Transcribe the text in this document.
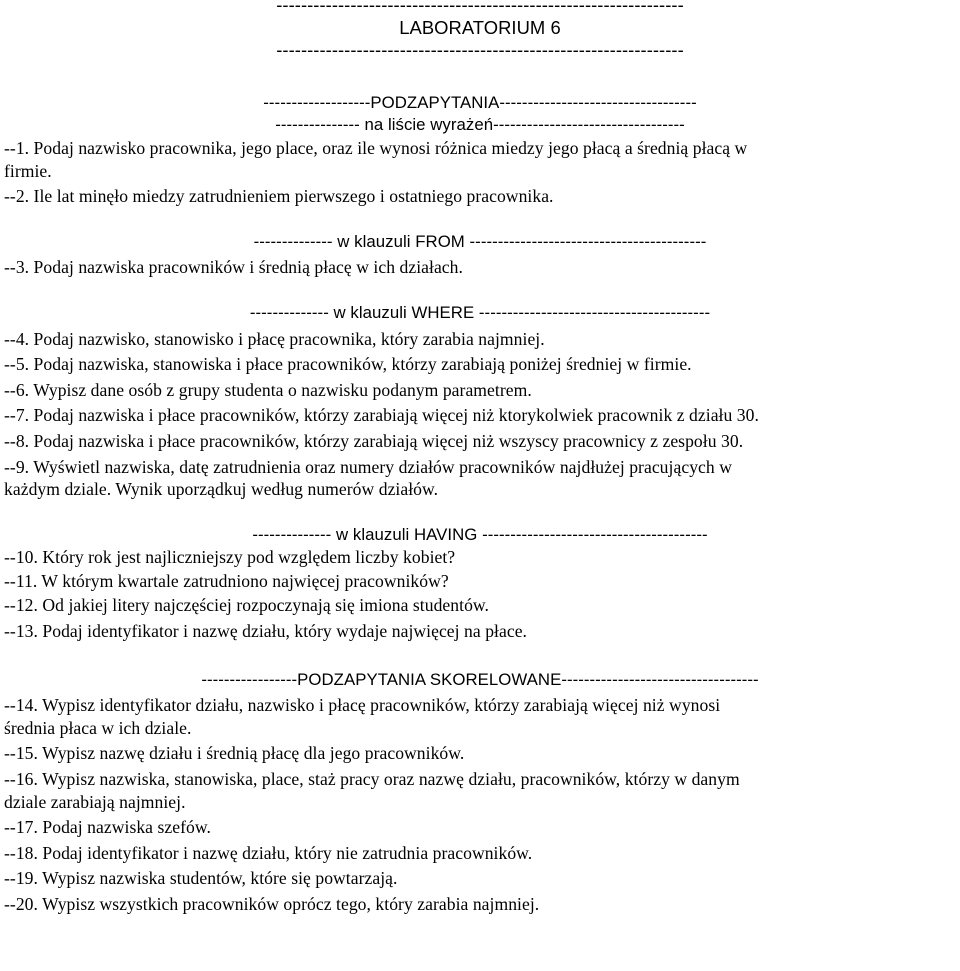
------------------------------------------------------------------
LABORATORIUM 6
------------------------------------------------------------------
-------------------PODZAPYTANIA-----------------------------------
--------------- na liście wyrażeń----------------------------------
--1. Podaj nazwisko pracownika, jego place, oraz ile wynosi różnica miedzy jego płacą a średnią płacą w
firmie.
--2. Ile lat minęło miedzy zatrudnieniem pierwszego i ostatniego pracownika.
-------------- w klauzuli FROM ------------------------------------------
--3. Podaj nazwiska pracowników i średnią płacę w ich działach.
-------------- w klauzuli WHERE -----------------------------------------
--4. Podaj nazwisko, stanowisko i płacę pracownika, który zarabia najmniej.
--5. Podaj nazwiska, stanowiska i płace pracowników, którzy zarabiają poniżej średniej w firmie.
--6. Wypisz dane osób z grupy studenta o nazwisku podanym parametrem.
--7. Podaj nazwiska i płace pracowników, którzy zarabiają więcej niż ktorykolwiek pracownik z działu 30.
--8. Podaj nazwiska i płace pracowników, którzy zarabiają więcej niż wszyscy pracownicy z zespołu 30.
--9. Wyświetl nazwiska, datę zatrudnienia oraz numery działów pracowników najdłużej pracujących w
każdym dziale. Wynik uporządkuj według numerów działów.
-------------- w klauzuli HAVING ----------------------------------------
--10. Który rok jest najliczniejszy pod względem liczby kobiet?
--11. W którym kwartale zatrudniono najwięcej pracowników?
--12. Od jakiej litery najczęściej rozpoczynają się imiona studentów.
--13. Podaj identyfikator i nazwę działu, który wydaje najwięcej na płace.
-----------------PODZAPYTANIA SKORELOWANE-----------------------------------
--14. Wypisz identyfikator działu, nazwisko i płacę pracowników, którzy zarabiają więcej niż wynosi
średnia płaca w ich dziale.
--15. Wypisz nazwę działu i średnią płacę dla jego pracowników.
--16. Wypisz nazwiska, stanowiska, place, staż pracy oraz nazwę działu, pracowników, którzy w danym
dziale zarabiają najmniej.
--17. Podaj nazwiska szefów.
--18. Podaj identyfikator i nazwę działu, który nie zatrudnia pracowników.
--19. Wypisz nazwiska studentów, które się powtarzają.
--20. Wypisz wszystkich pracowników oprócz tego, który zarabia najmniej.
